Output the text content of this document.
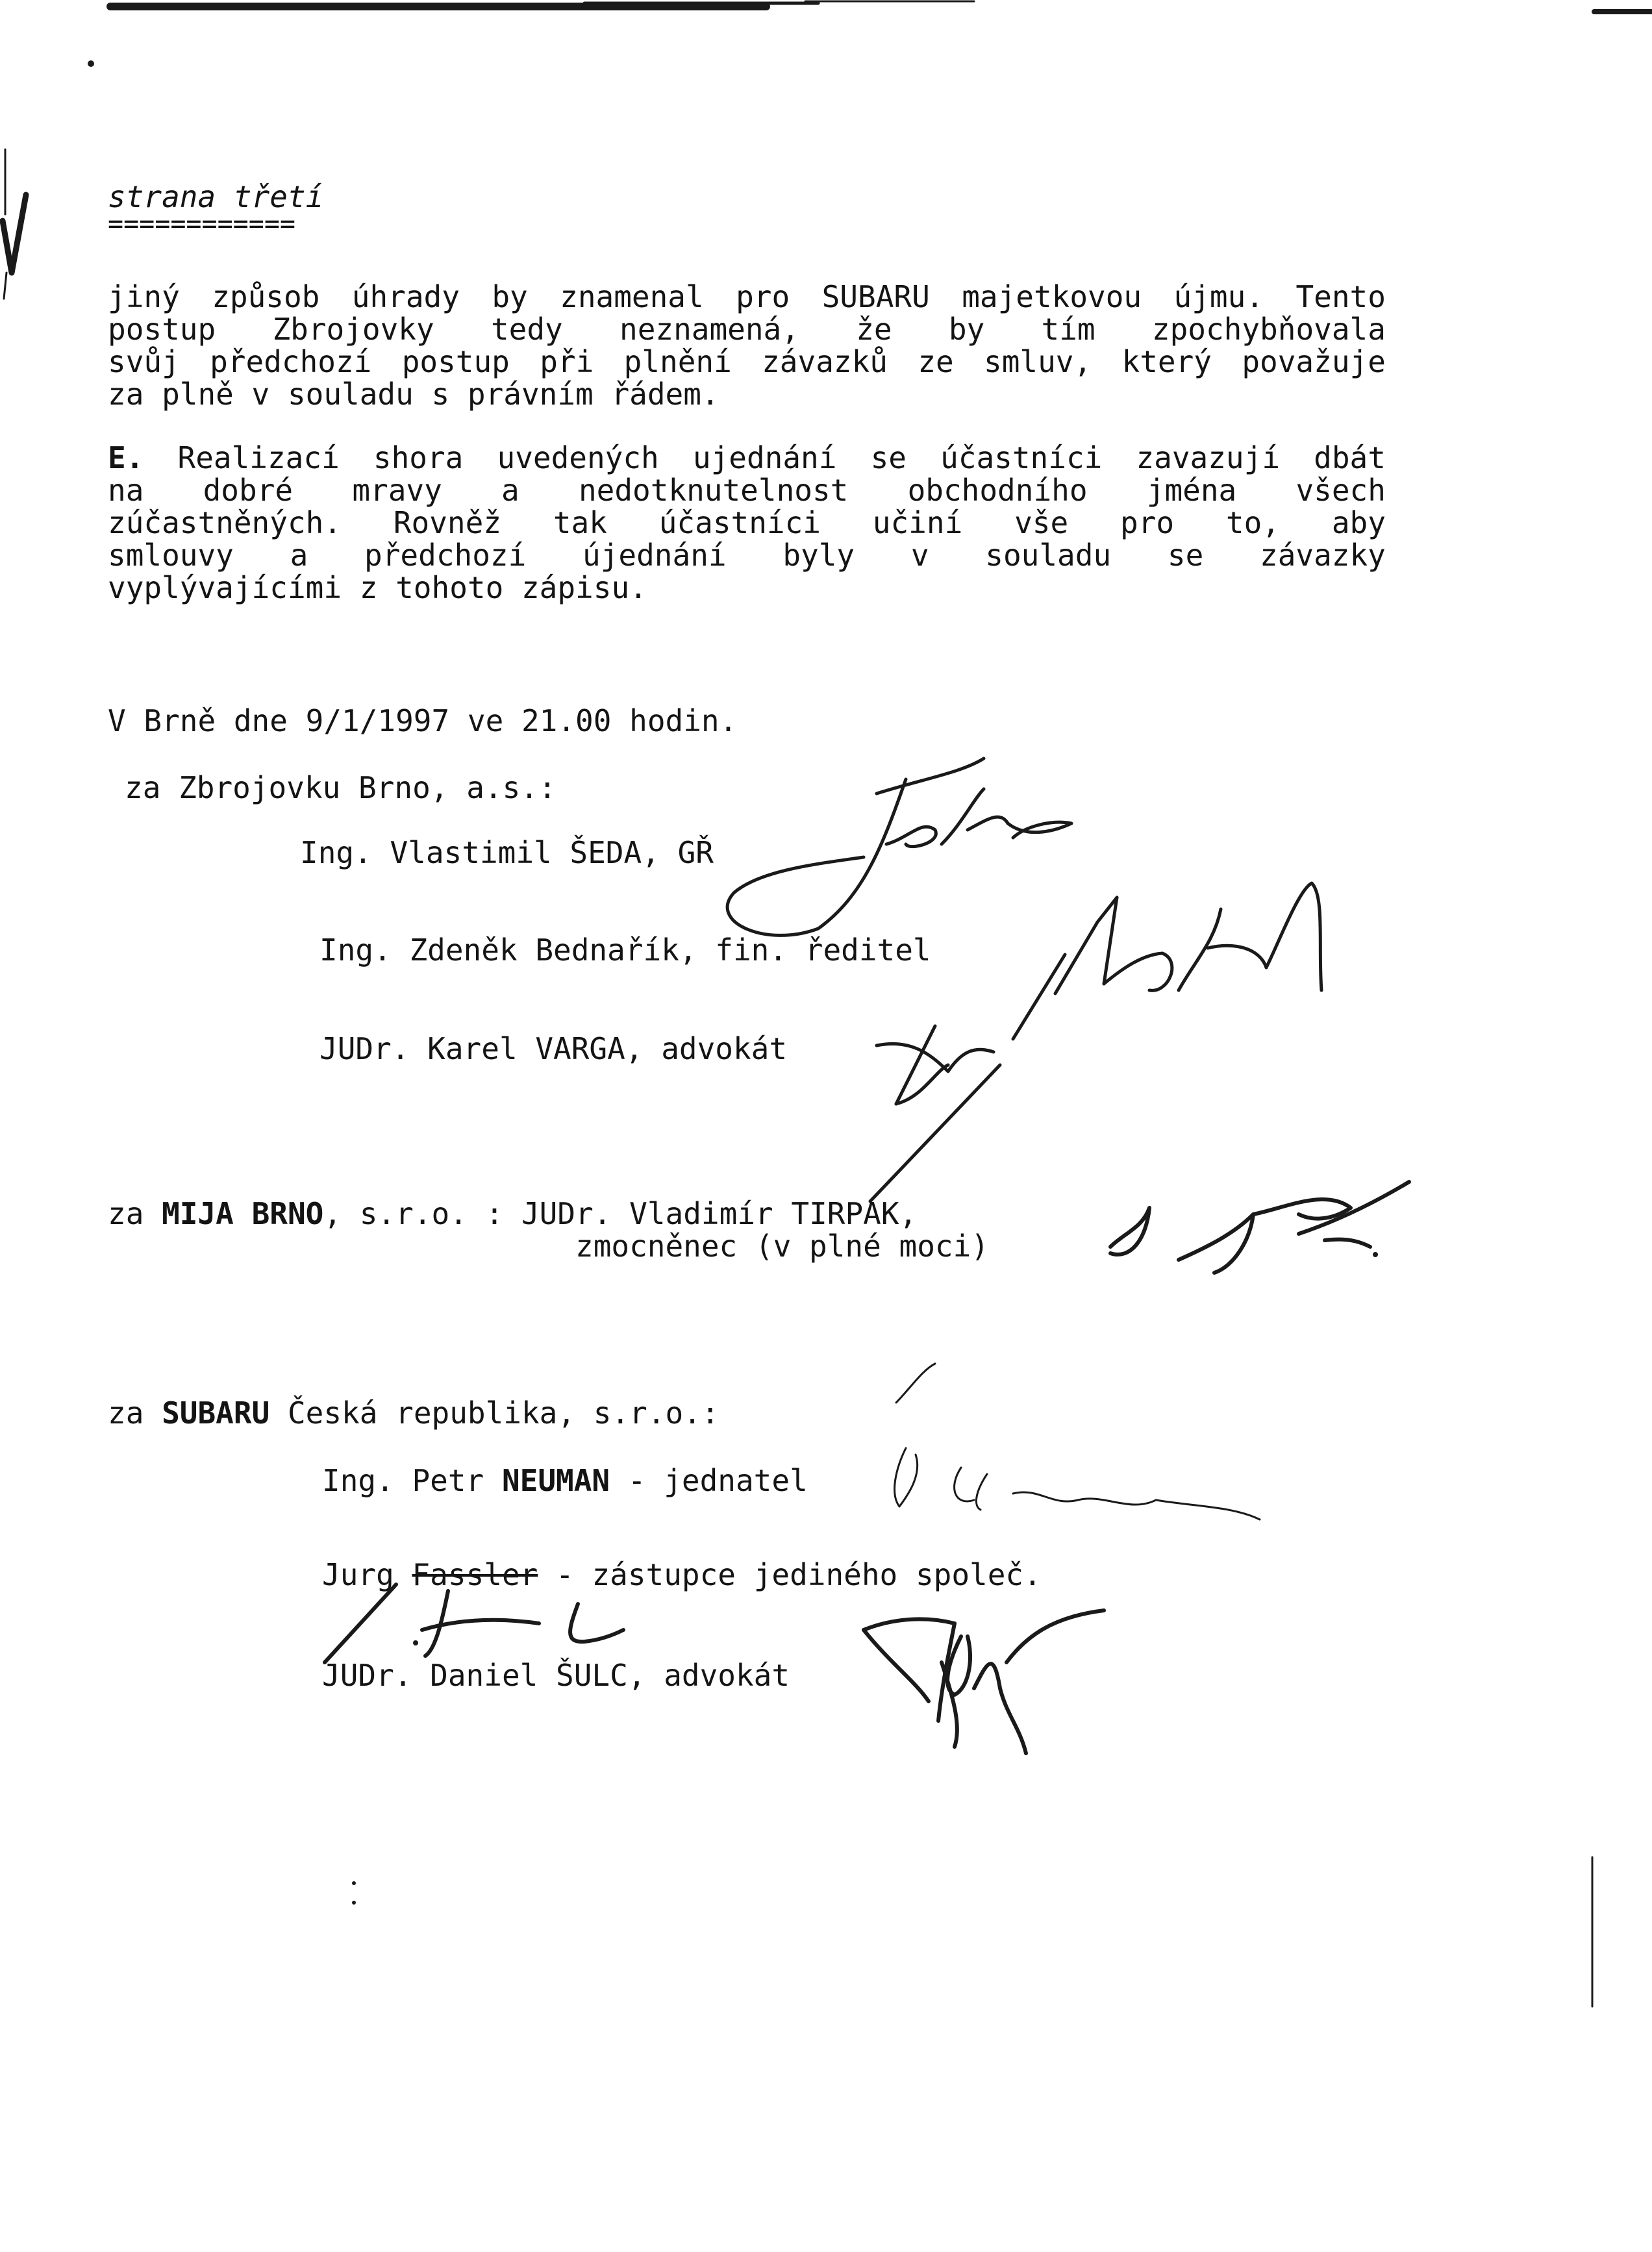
strana třetí
============
jiný způsob úhrady by znamenal pro SUBARU majetkovou újmu. Tento
postup Zbrojovky tedy neznamená, že by tím zpochybňovala
svůj předchozí postup při plnění závazků ze smluv, který považuje
za plně v souladu s právním řádem.
E. Realizací shora uvedených ujednání se účastníci zavazují dbát
na dobré mravy a nedotknutelnost obchodního jména všech
zúčastněných. Rovněž tak účastníci učiní vše pro to, aby
smlouvy a předchozí újednání byly v souladu se závazky
vyplývajícími z tohoto zápisu.
V Brně dne 9/1/1997 ve 21.00 hodin.
za Zbrojovku Brno, a.s.:
Ing. Vlastimil ŠEDA, GŘ
Ing. Zdeněk Bednařík, fin. ředitel
JUDr. Karel VARGA, advokát
za MIJA BRNO, s.r.o. : JUDr. Vladimír TIRPAK,
zmocněnec (v plné moci)
za SUBARU Česká republika, s.r.o.:
Ing. Petr NEUMAN - jednatel
Jurg Fassler - zástupce jediného společ.
JUDr. Daniel ŠULC, advokát
